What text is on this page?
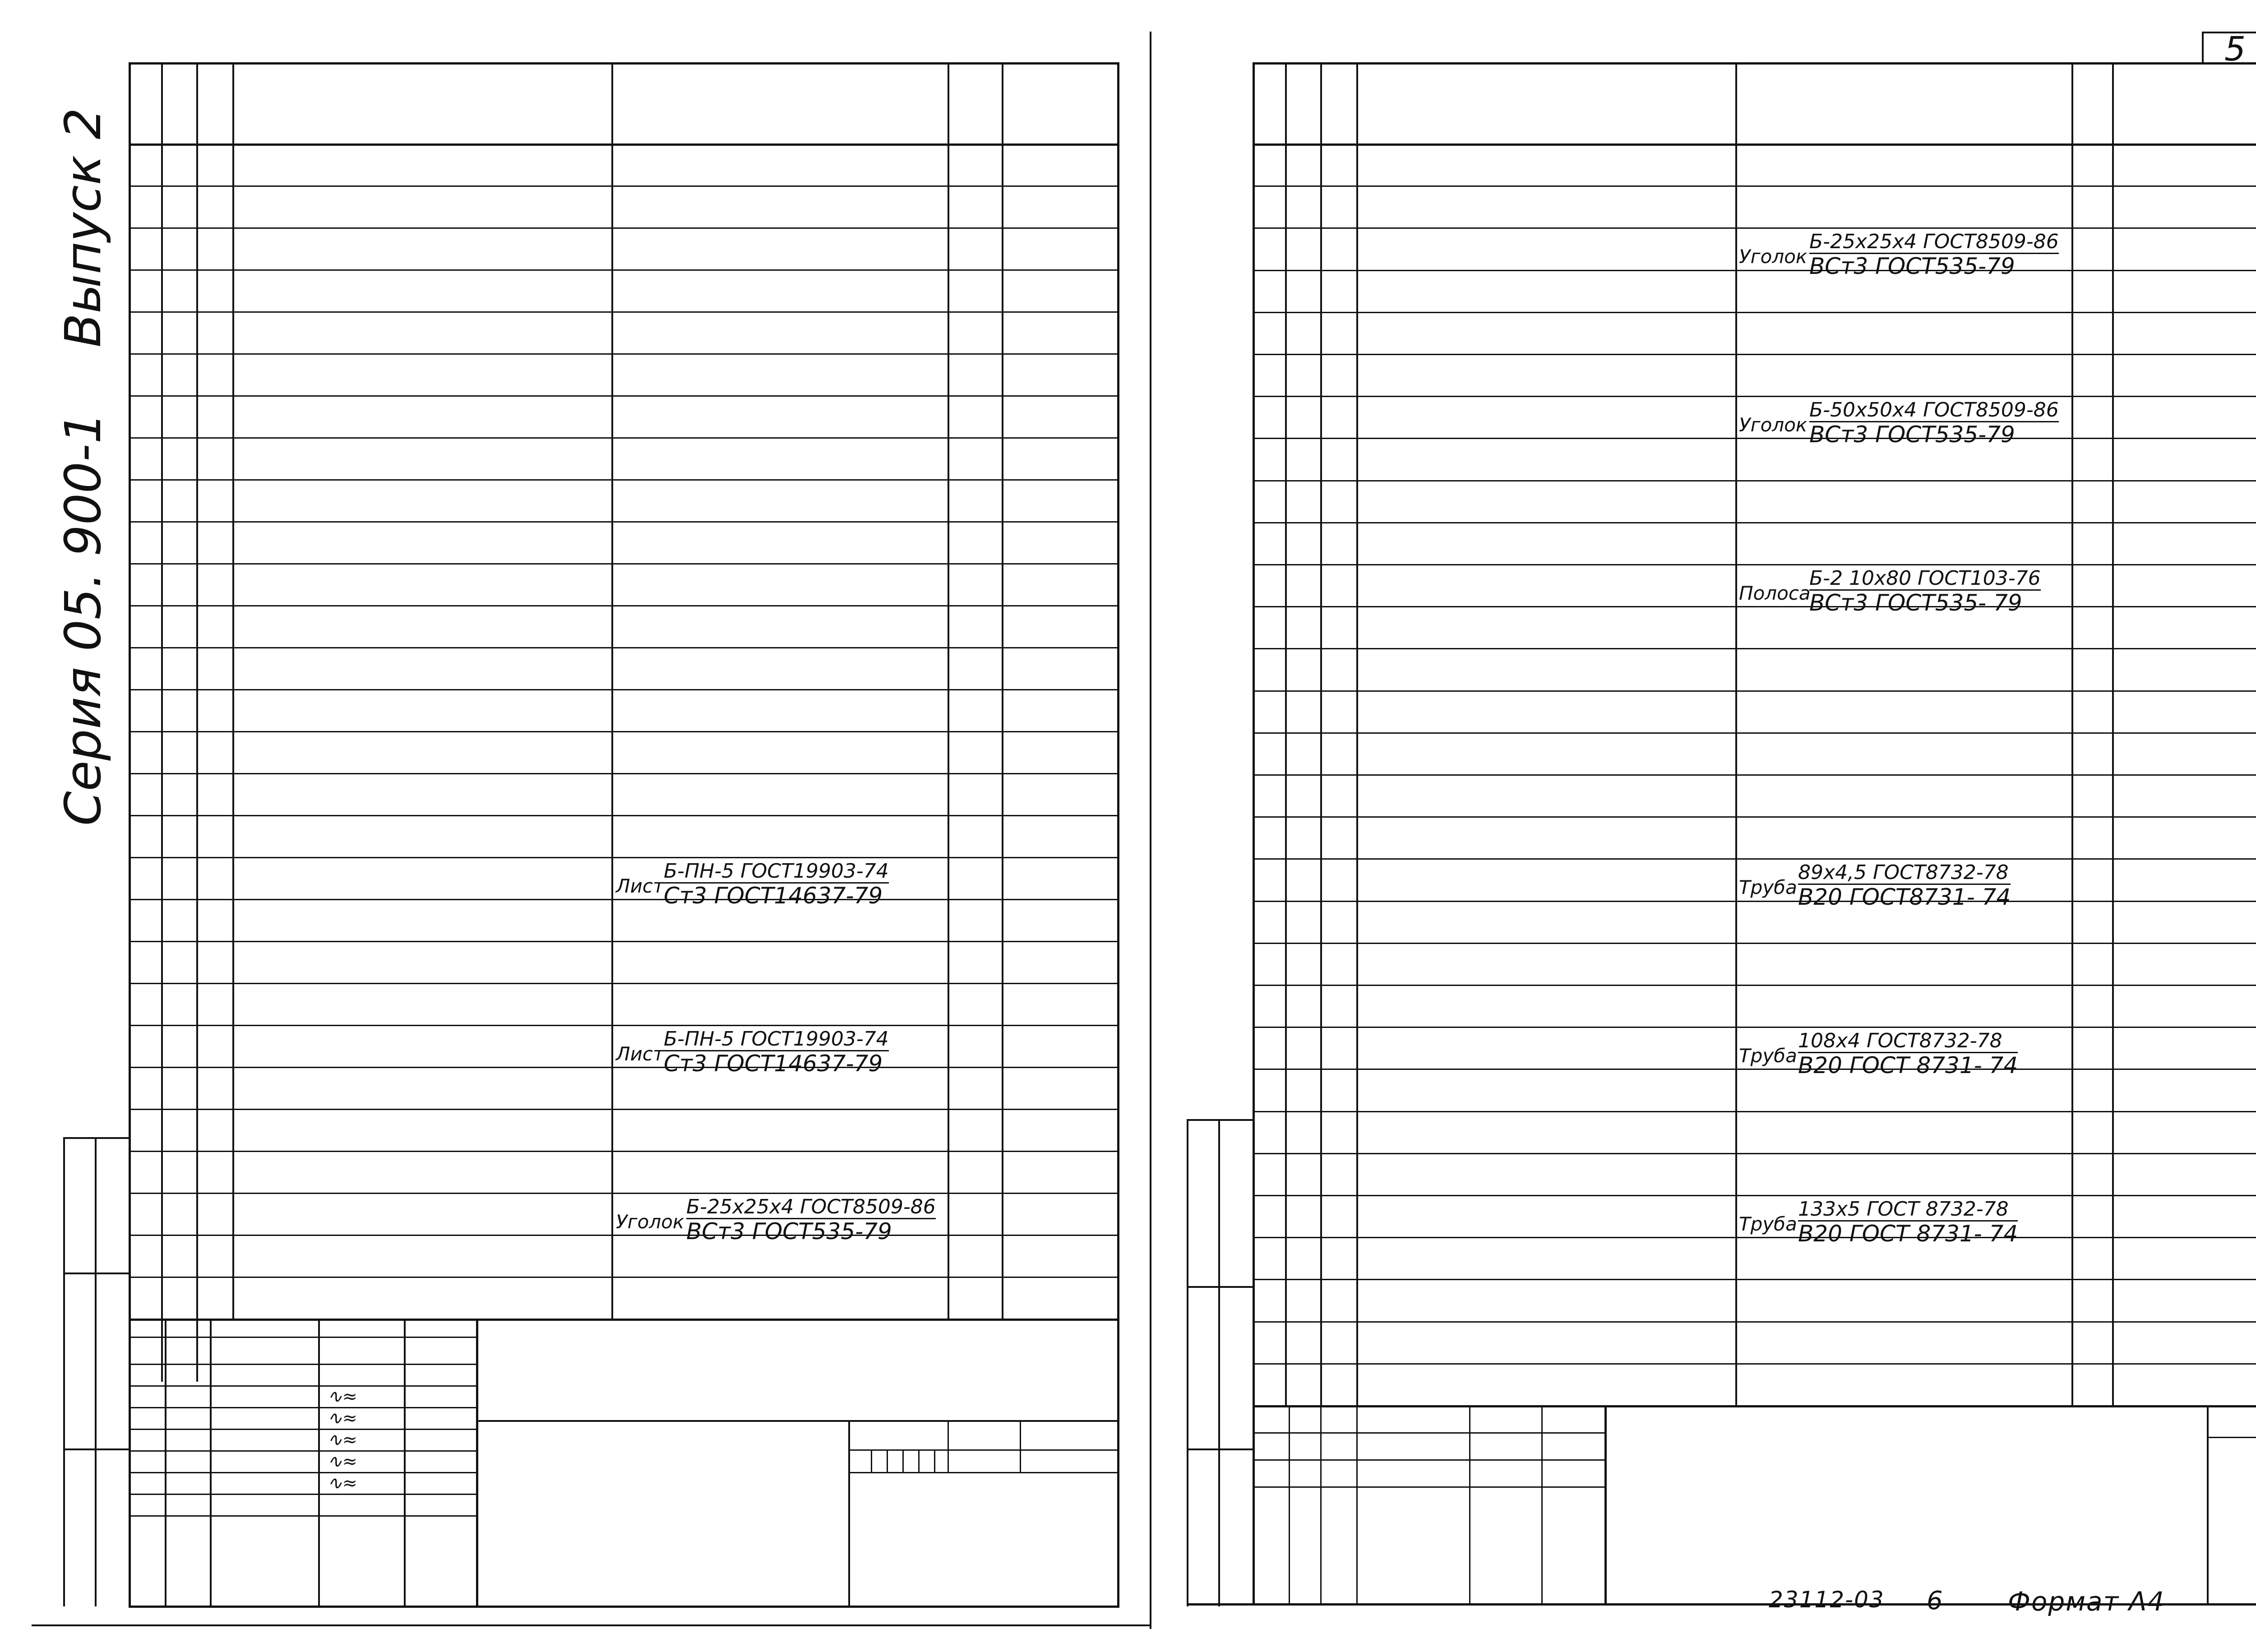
5
Выпуск 2
Серия 05. 900-1
Лист
Б-ПН-5 ГОСТ19903-74
Ст3 ГОСТ14637-79
Лист
Б-ПН-5 ГОСТ19903-74
Ст3 ГОСТ14637-79
Уголок
Б-25х25х4 ГОСТ8509-86
ВСт3 ГОСТ535-79
∿≈
∿≈
∿≈
∿≈
∿≈
Уголок
Б-25х25х4 ГОСТ8509-86
ВСт3 ГОСТ535-79
Уголок
Б-50х50х4 ГОСТ8509-86
ВСт3 ГОСТ535-79
Полоса
Б-2 10х80 ГОСТ103-76
ВСт3 ГОСТ535- 79
Труба
89х4,5 ГОСТ8732-78
В20 ГОСТ8731- 74
Труба
108х4 ГОСТ8732-78
В20 ГОСТ 8731- 74
Труба
133х5 ГОСТ 8732-78
В20 ГОСТ 8731- 74
23112-03 6 Формат А4
